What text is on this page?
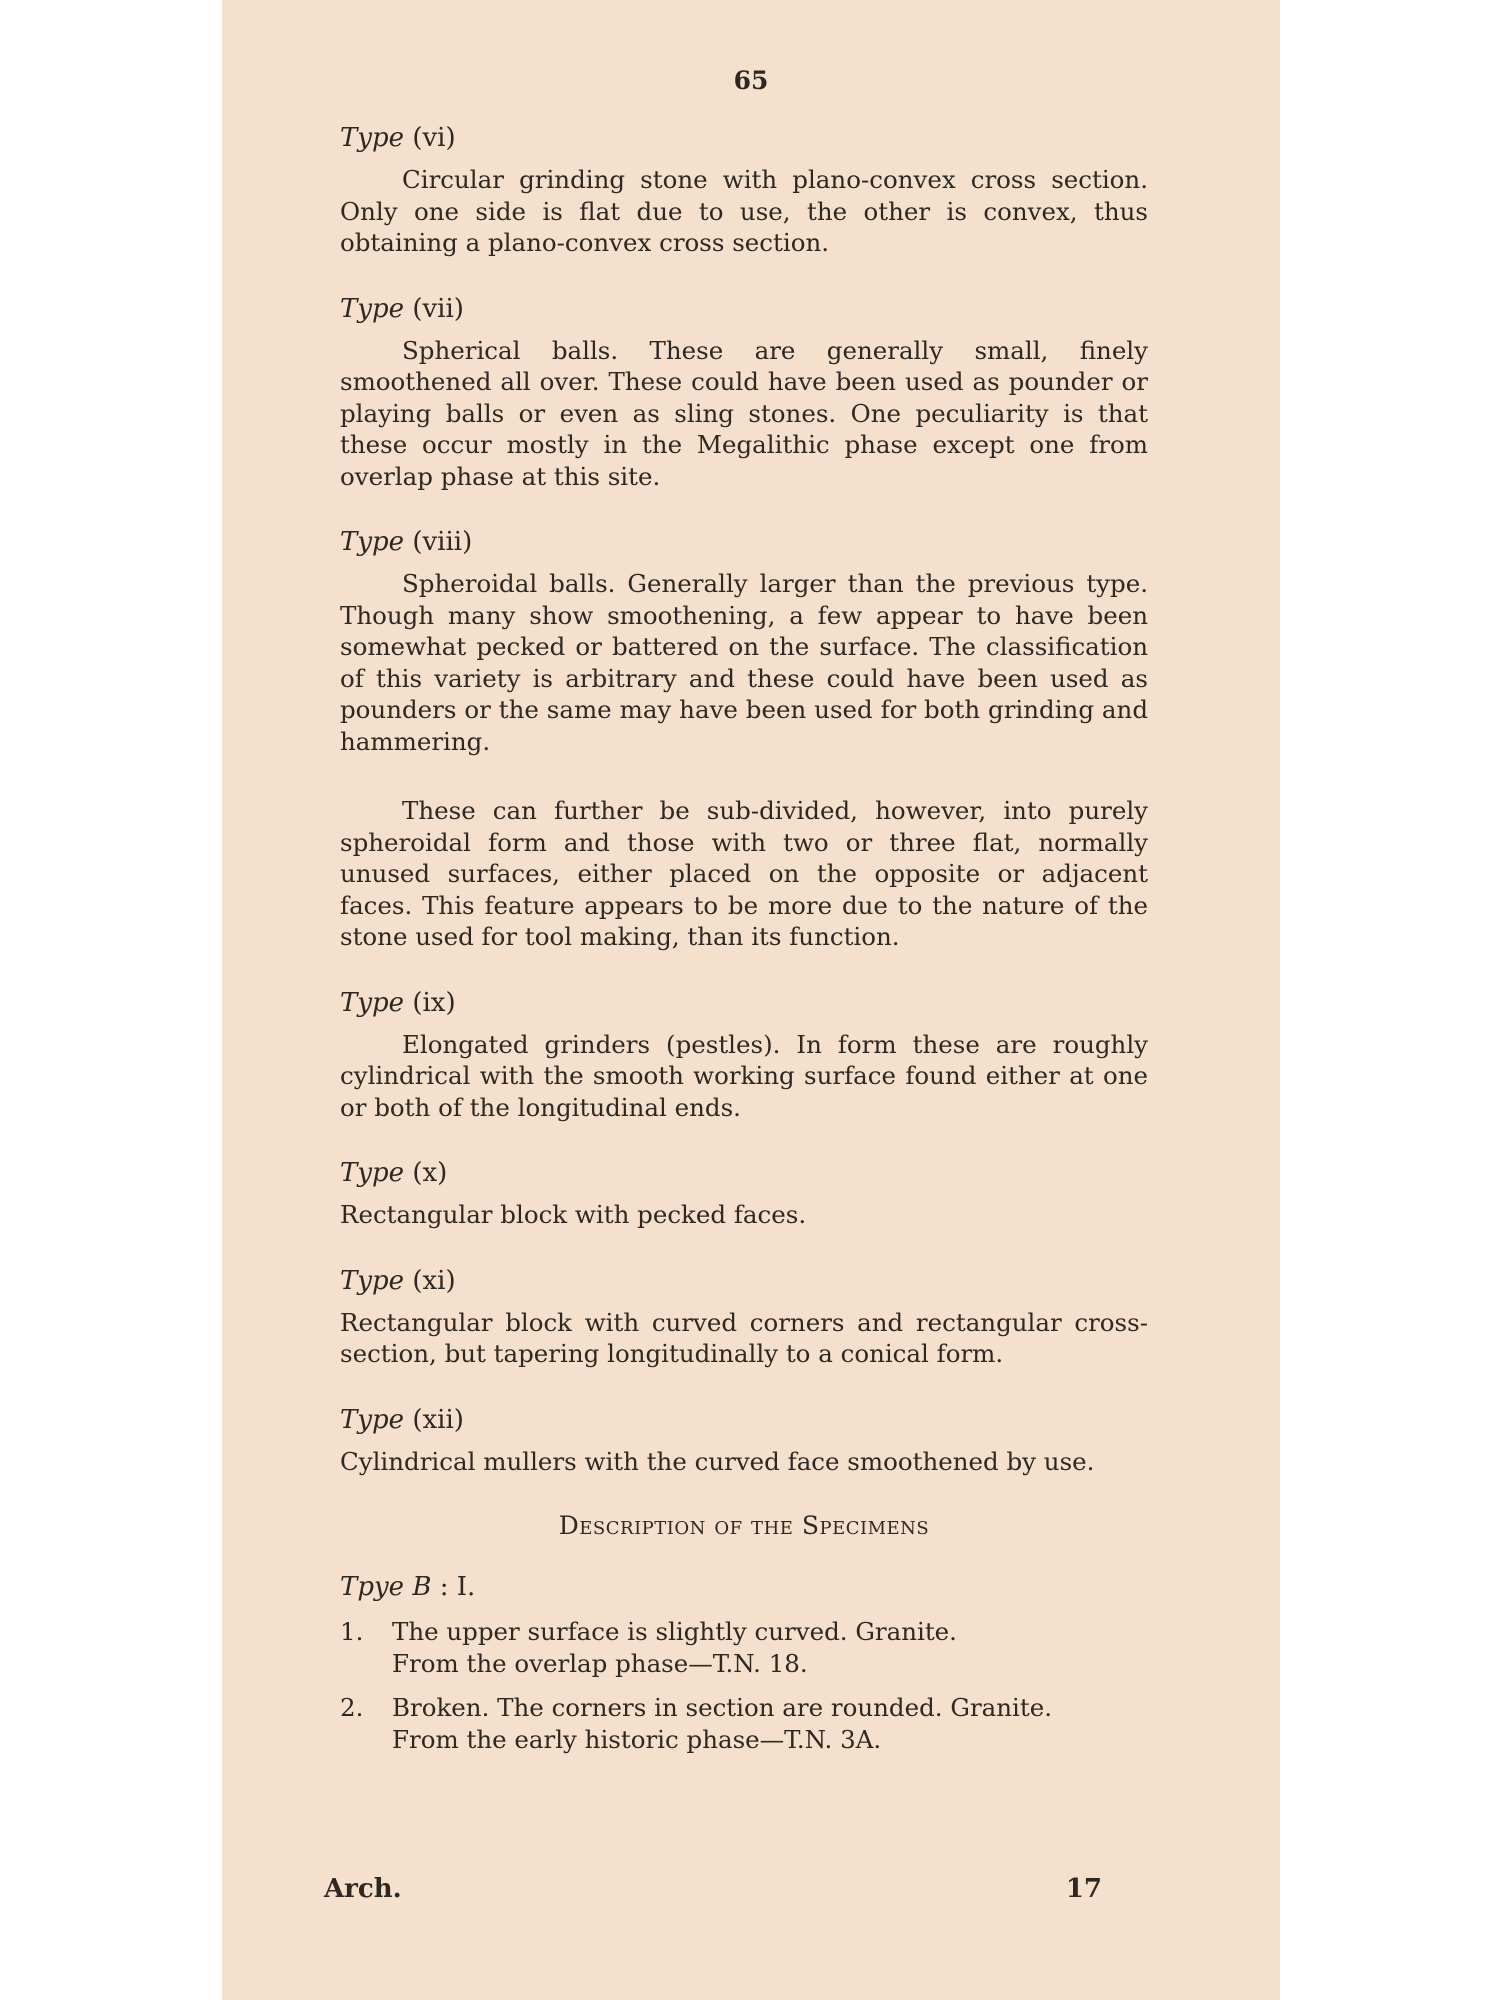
65
Type (vi)

Circular grinding stone with plano-convex cross section. Only one side is flat due to use, the other is convex, thus obtaining a plano-convex cross section.

Type (vii)

Spherical balls. These are generally small, finely smoothened all over. These could have been used as pounder or playing balls or even as sling stones. One peculiarity is that these occur mostly in the Megalithic phase except one from overlap phase at this site.

Type (viii)

Spheroidal balls. Generally larger than the previous type. Though many show smoothening, a few appear to have been somewhat pecked or battered on the surface. The classification of this variety is arbitrary and these could have been used as pounders or the same may have been used for both grinding and hammering.

These can further be sub-divided, however, into purely spheroidal form and those with two or three flat, normally unused surfaces, either placed on the opposite or adjacent faces. This feature appears to be more due to the nature of the stone used for tool making, than its function.

Type (ix)

Elongated grinders (pestles). In form these are roughly cylindrical with the smooth working surface found either at one or both of the longitudinal ends.

Type (x)

Rectangular block with pecked faces.

Type (xi)

Rectangular block with curved corners and rectangular cross-section, but tapering longitudinally to a conical form.

Type (xii)

Cylindrical mullers with the curved face smoothened by use.

Description of the Specimens
Tpye B : I.
1.	The upper surface is slightly curved. Granite.
From the overlap phase—T.N. 18.
2.	Broken. The corners in section are rounded. Granite.
From the early historic phase—T.N. 3A.
Arch.	17
